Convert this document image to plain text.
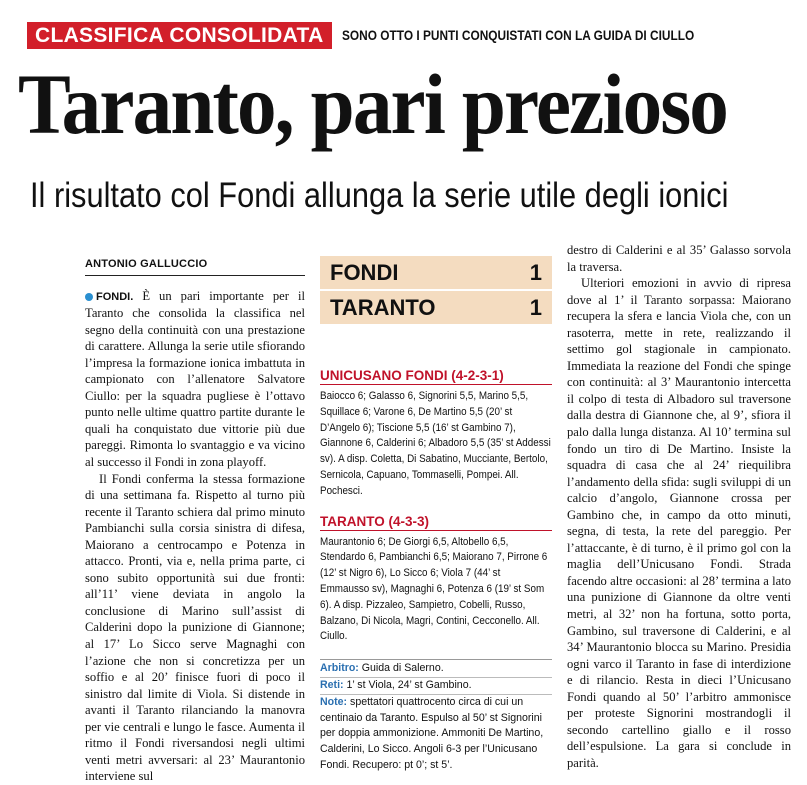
CLASSIFICA CONSOLIDATA	SONO OTTO I PUNTI CONQUISTATI CON LA GUIDA DI CIULLO
Taranto, pari prezioso
Il risultato col Fondi allunga la serie utile degli ionici
ANTONIO GALLUCCIO

FONDI. È un pari importante per il Taranto che consolida la classifica nel segno della continuità con una prestazione di carattere. Allunga la serie utile sfiorando l’impresa la formazione ionica imbattuta in campionato con l’allenatore Salvatore Ciullo: per la squadra pugliese è l’ottavo punto nelle ultime quattro partite durante le quali ha conquistato due vittorie più due pareggi. Rimonta lo svantaggio e va vicino al successo il Fondi in zona playoff.

Il Fondi conferma la stessa formazione di una settimana fa. Rispetto al turno più recente il Taranto schiera dal primo minuto Pambianchi sulla corsia sinistra di difesa, Maiorano a centrocampo e Potenza in attacco. Pronti, via e, nella prima parte, ci sono subito opportunità sui due fronti: all’11’ viene deviata in angolo la conclusione di Marino sull’assist di Calderini dopo la punizione di Giannone; al 17’ Lo Sicco serve Magnaghi con l’azione che non si concretizza per un soffio e al 20’ finisce fuori di poco il sinistro dal limite di Viola. Si distende in avanti il Taranto rilanciando la manovra per vie centrali e lungo le fasce. Aumenta il ritmo il Fondi riversandosi negli ultimi venti metri avversari: al 23’ Maurantonio interviene sul

FONDI	1
TARANTO	1
UNICUSANO FONDI (4-2-3-1)
Baiocco 6; Galasso 6, Signorini 5,5, Marino 5,5, Squillace 6; Varone 6, De Martino 5,5 (20’ st D’Angelo 6); Tiscione 5,5 (16’ st Gambino 7), Giannone 6, Calderini 6; Albadoro 5,5 (35’ st Addessi sv). A disp. Coletta, Di Sabatino, Mucciante, Bertolo, Sernicola, Capuano, Tommaselli, Pompei. All. Pochesci.
TARANTO (4-3-3)
Maurantonio 6; De Giorgi 6,5, Altobello 6,5, Stendardo 6, Pambianchi 6,5; Maiorano 7, Pirrone 6 (12’ st Nigro 6), Lo Sicco 6; Viola 7 (44’ st Emmausso sv), Magnaghi 6, Potenza 6 (19’ st Som 6). A disp. Pizzaleo, Sampietro, Cobelli, Russo, Balzano, Di Nicola, Magri, Contini, Cecconello. All. Ciullo.
Arbitro: Guida di Salerno.
Reti: 1’ st Viola, 24’ st Gambino.
Note: spettatori quattrocento circa di cui un centinaio da Taranto. Espulso al 50’ st Signorini per doppia ammonizione. Ammoniti De Martino, Calderini, Lo Sicco. Angoli 6-3 per l’Unicusano Fondi. Recupero: pt 0’; st 5’.

destro di Calderini e al 35’ Galasso sorvola la traversa.

Ulteriori emozioni in avvio di ripresa dove al 1’ il Taranto sorpassa: Maiorano recupera la sfera e lancia Viola che, con un rasoterra, mette in rete, realizzando il settimo gol stagionale in campionato. Immediata la reazione del Fondi che spinge con continuità: al 3’ Maurantonio intercetta il colpo di testa di Albadoro sul traversone dalla destra di Giannone che, al 9’, sfiora il palo dalla lunga distanza. Al 10’ termina sul fondo un tiro di De Martino. Insiste la squadra di casa che al 24’ riequilibra l’andamento della sfida: sugli sviluppi di un calcio d’angolo, Giannone crossa per Gambino che, in campo da otto minuti, segna, di testa, la rete del pareggio. Per l’attaccante, è di turno, è il primo gol con la maglia dell’Unicusano Fondi. Strada facendo altre occasioni: al 28’ termina a lato una punizione di Giannone da oltre venti metri, al 32’ non ha fortuna, sotto porta, Gambino, sul traversone di Calderini, e al 34’ Maurantonio blocca su Marino. Presidia ogni varco il Taranto in fase di interdizione e di rilancio. Resta in dieci l’Unicusano Fondi quando al 50’ l’arbitro ammonisce per proteste Signorini mostrandogli il secondo cartellino giallo e il rosso dell’espulsione. La gara si conclude in parità.
